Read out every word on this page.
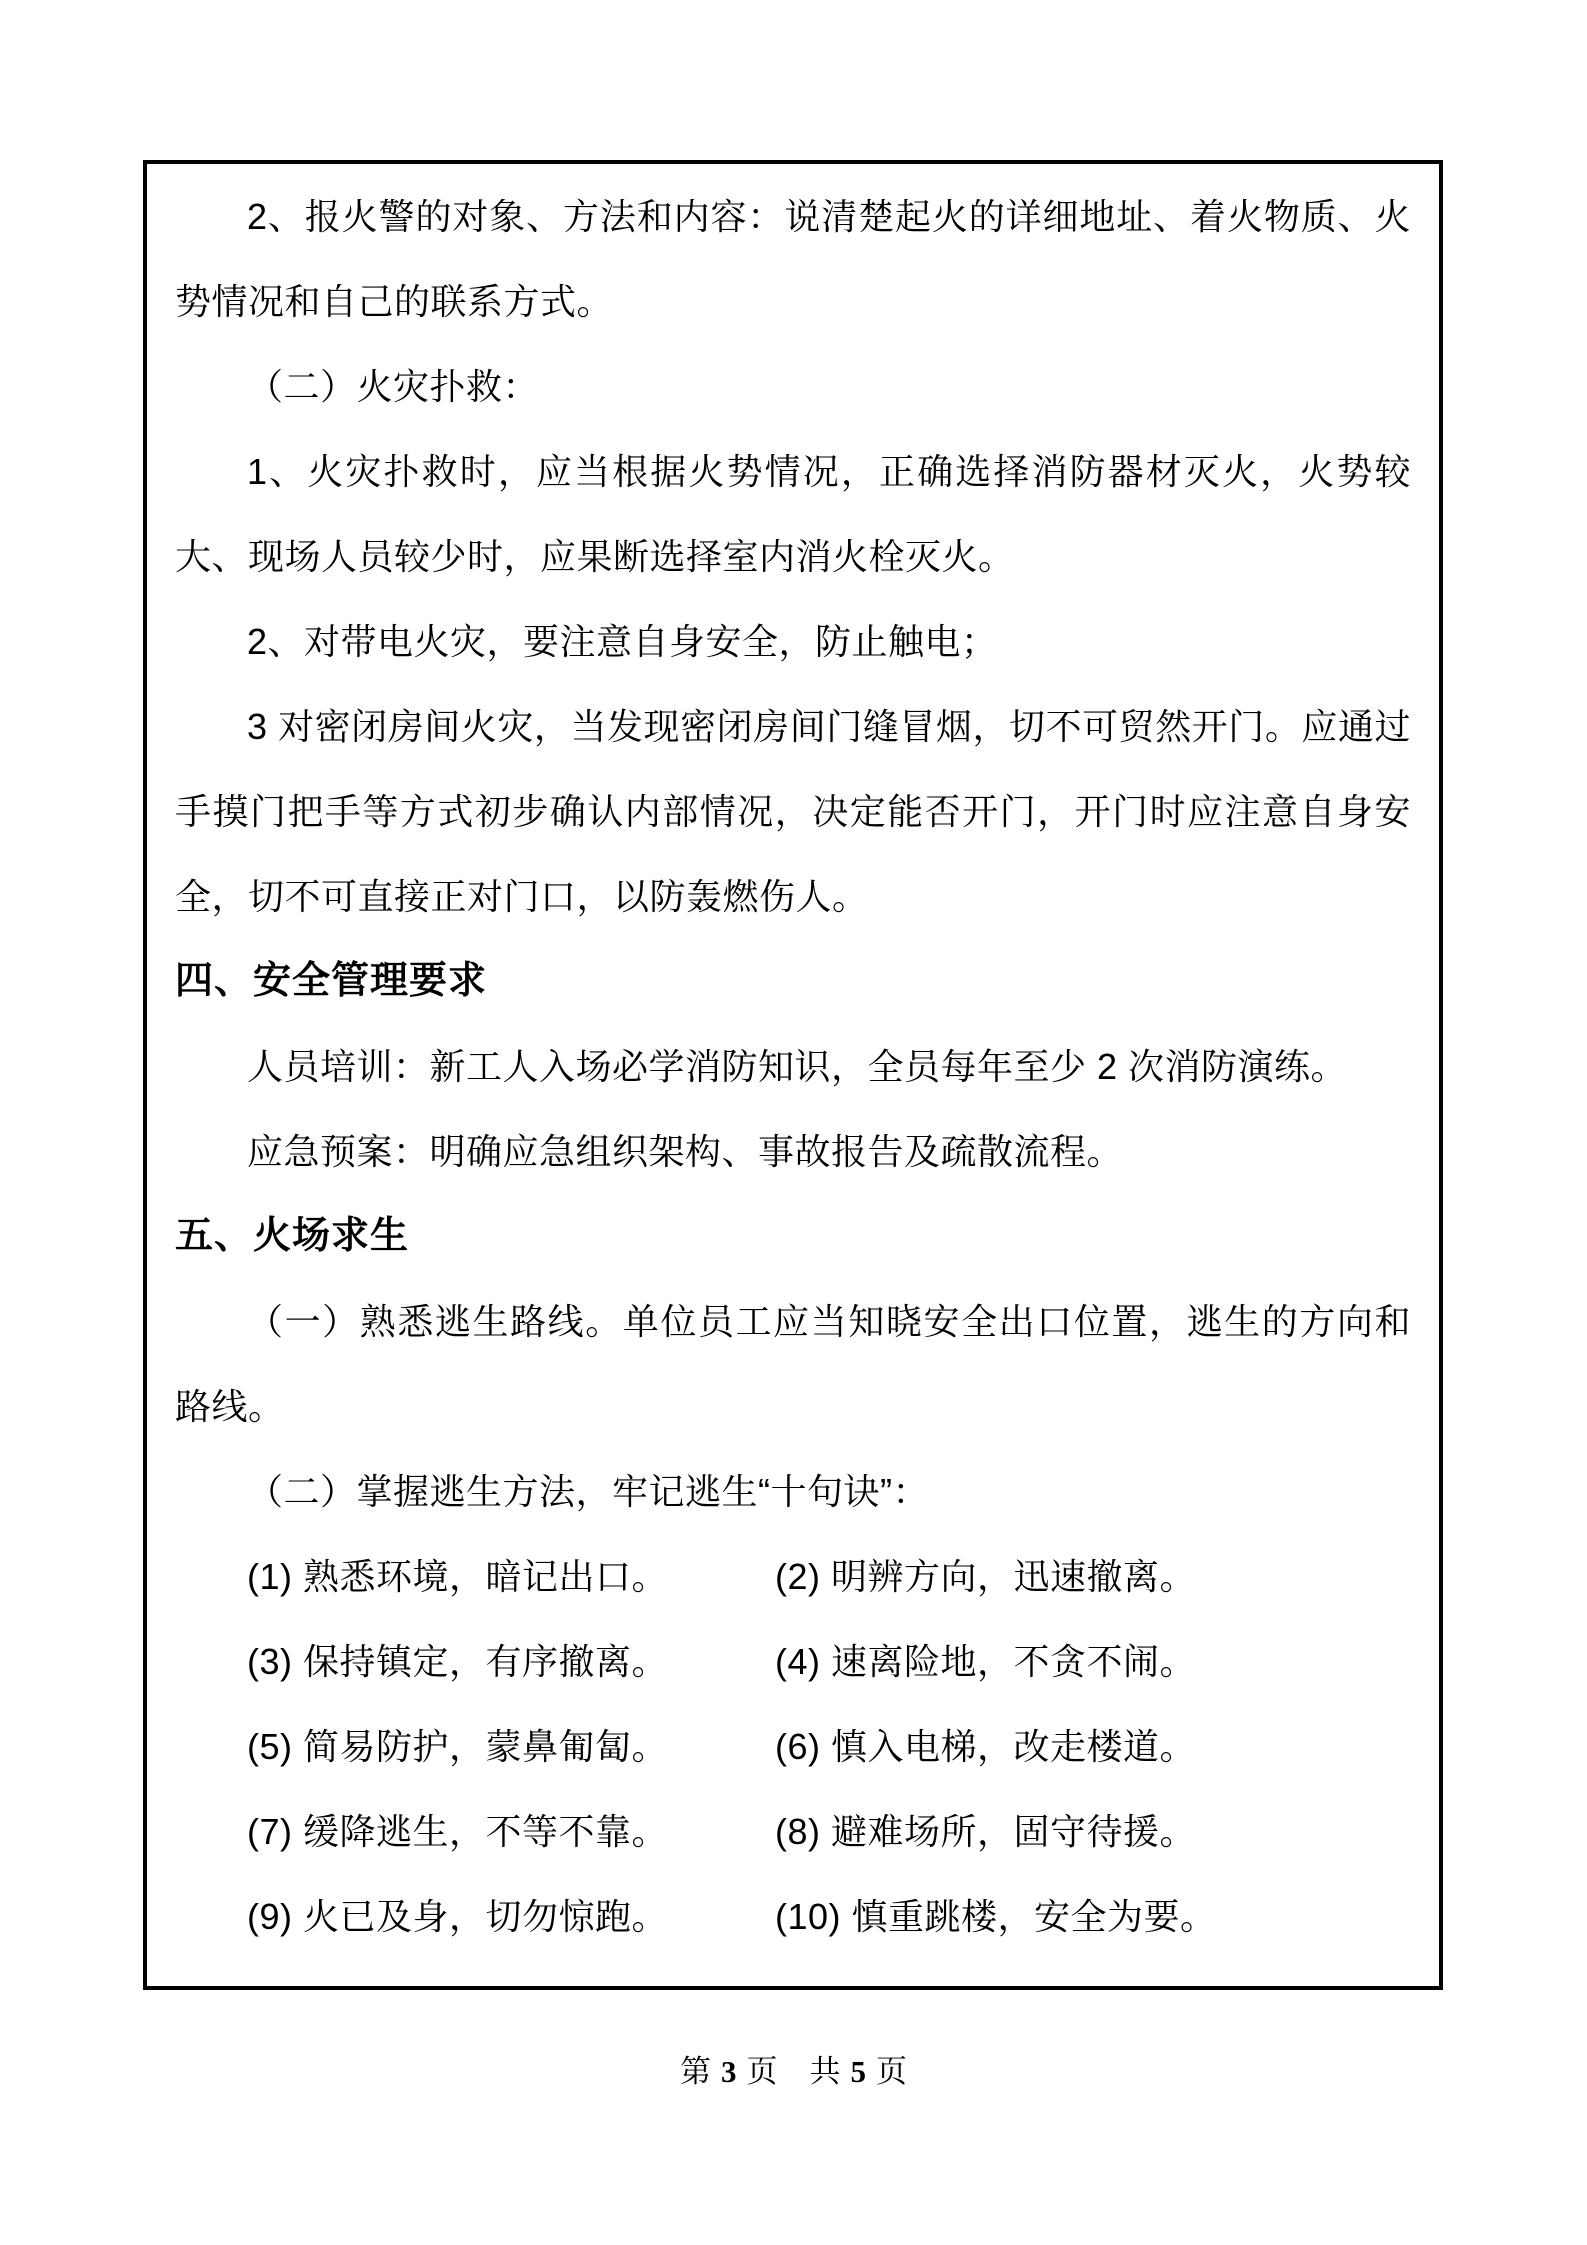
2、报火警的对象、方法和内容：说清楚起火的详细地址、着火物质、火势情况和自己的联系方式。

（二）火灾扑救：

1、火灾扑救时，应当根据火势情况，正确选择消防器材灭火，火势较大、现场人员较少时，应果断选择室内消火栓灭火。

2、对带电火灾，要注意自身安全，防止触电；

3 对密闭房间火灾，当发现密闭房间门缝冒烟，切不可贸然开门。应通过手摸门把手等方式初步确认内部情况，决定能否开门，开门时应注意自身安全，切不可直接正对门口，以防轰燃伤人。

四、安全管理要求

人员培训：新工人入场必学消防知识，全员每年至少 2 次消防演练。

应急预案：明确应急组织架构、事故报告及疏散流程。

五、火场求生

（一）熟悉逃生路线。单位员工应当知晓安全出口位置，逃生的方向和路线。

（二）掌握逃生方法，牢记逃生“十句诀”：

(1) 熟悉环境，暗记出口。	(2) 明辨方向，迅速撤离。
(3) 保持镇定，有序撤离。	(4) 速离险地，不贪不闹。
(5) 简易防护，蒙鼻匍匐。	(6) 慎入电梯，改走楼道。
(7) 缓降逃生，不等不靠。	(8) 避难场所，固守待援。
(9) 火已及身，切勿惊跑。	(10) 慎重跳楼，安全为要。
第 3 页 共 5 页
